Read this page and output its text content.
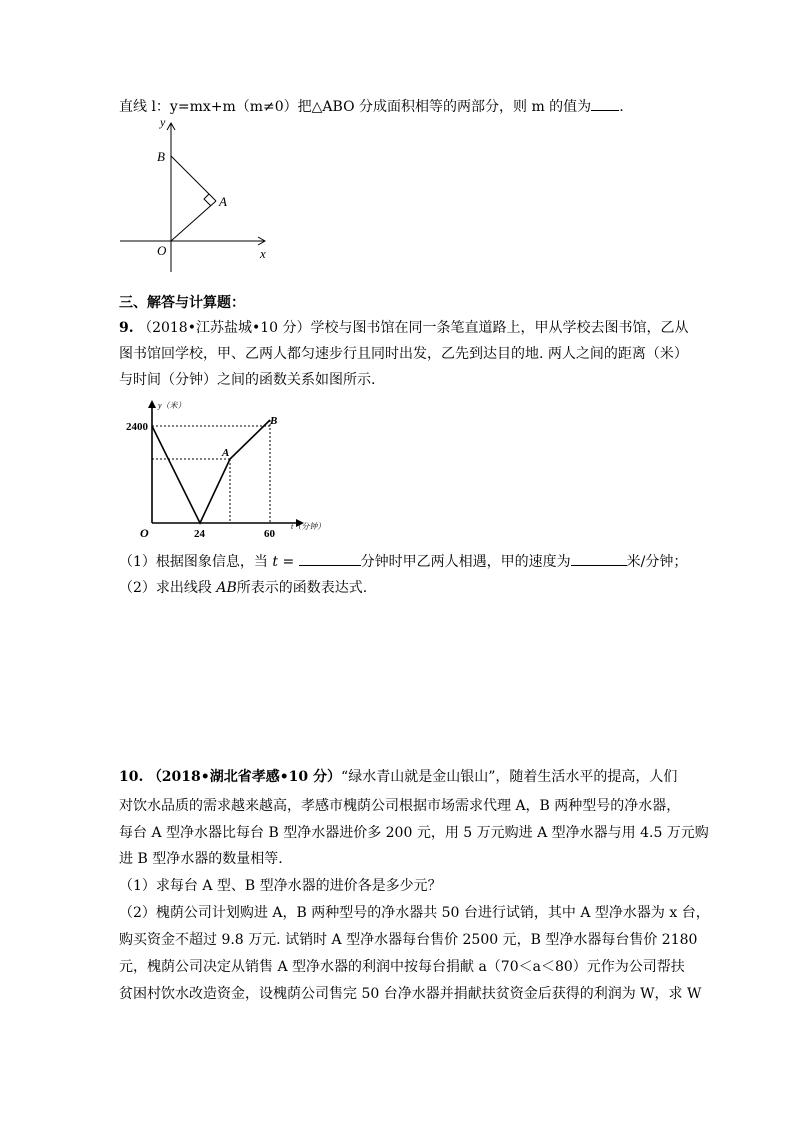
直线 l：y=mx+m（m≠0）把△ABO 分成面积相等的两部分，则 m 的值为 .
y
x
B
A
O
三、解答与计算题：
9. （2018•江苏盐城•10 分）学校与图书馆在同一条笔直道路上，甲从学校去图书馆，乙从
图书馆回学校，甲、乙两人都匀速步行且同时出发，乙先到达目的地. 两人之间的距离（米）
与时间（分钟）之间的函数关系如图所示.
y（米）
2400
O	24	60
t（分钟）
A
B
（1）根据图象信息，当 t =	分钟时甲乙两人相遇，甲的速度为	米/分钟；
（2）求出线段 AB所表示的函数表达式.
10. （2018•湖北省孝感•10 分）“绿水青山就是金山银山”，随着生活水平的提高，人们
对饮水品质的需求越来越高，孝感市槐荫公司根据市场需求代理 A，B 两种型号的净水器，
每台 A 型净水器比每台 B 型净水器进价多 200 元，用 5 万元购进 A 型净水器与用 4.5 万元购
进 B 型净水器的数量相等.
（1）求每台 A 型、B 型净水器的进价各是多少元？
（2）槐荫公司计划购进 A，B 两种型号的净水器共 50 台进行试销，其中 A 型净水器为 x 台，
购买资金不超过 9.8 万元. 试销时 A 型净水器每台售价 2500 元，B 型净水器每台售价 2180
元，槐荫公司决定从销售 A 型净水器的利润中按每台捐献 a（70＜a＜80）元作为公司帮扶
贫困村饮水改造资金，设槐荫公司售完 50 台净水器并捐献扶贫资金后获得的利润为 W，求 W
